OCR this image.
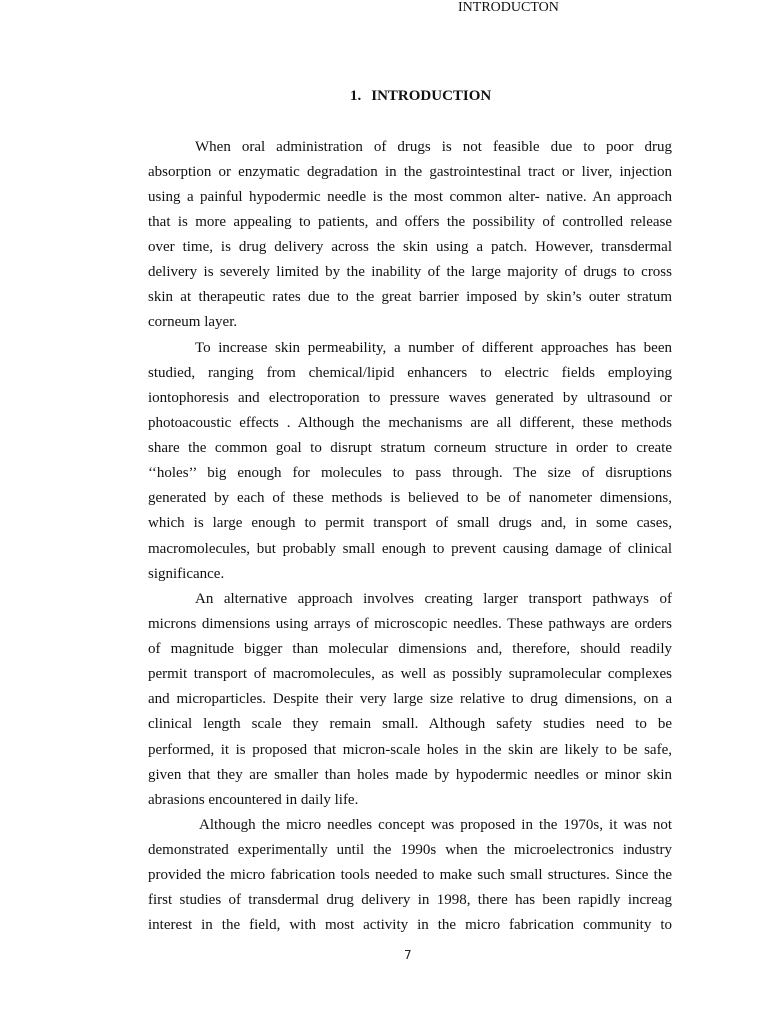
INTRODUCTON
1. INTRODUCTION
When oral administration of drugs is not feasible due to poor drug
absorption or enzymatic degradation in the gastrointestinal tract or liver, injection
using a painful hypodermic needle is the most common alter- native. An approach
that is more appealing to patients, and offers the possibility of controlled release
over time, is drug delivery across the skin using a patch. However, transdermal
delivery is severely limited by the inability of the large majority of drugs to cross
skin at therapeutic rates due to the great barrier imposed by skin’s outer stratum
corneum layer.
To increase skin permeability, a number of different approaches has been
studied, ranging from chemical/lipid enhancers to electric fields employing
iontophoresis and electroporation to pressure waves generated by ultrasound or
photoacoustic effects . Although the mechanisms are all different, these methods
share the common goal to disrupt stratum corneum structure in order to create
‘‘holes’’ big enough for molecules to pass through. The size of disruptions
generated by each of these methods is believed to be of nanometer dimensions,
which is large enough to permit transport of small drugs and, in some cases,
macromolecules, but probably small enough to prevent causing damage of clinical
significance.
An alternative approach involves creating larger transport pathways of
microns dimensions using arrays of microscopic needles. These pathways are orders
of magnitude bigger than molecular dimensions and, therefore, should readily
permit transport of macromolecules, as well as possibly supramolecular complexes
and microparticles. Despite their very large size relative to drug dimensions, on a
clinical length scale they remain small. Although safety studies need to be
performed, it is proposed that micron-scale holes in the skin are likely to be safe,
given that they are smaller than holes made by hypodermic needles or minor skin
abrasions encountered in daily life.
Although the micro needles concept was proposed in the 1970s, it was not
demonstrated experimentally until the 1990s when the microelectronics industry
provided the micro fabrication tools needed to make such small structures. Since the
first studies of transdermal drug delivery in 1998, there has been rapidly increag
interest in the field, with most activity in the micro fabrication community to
7
